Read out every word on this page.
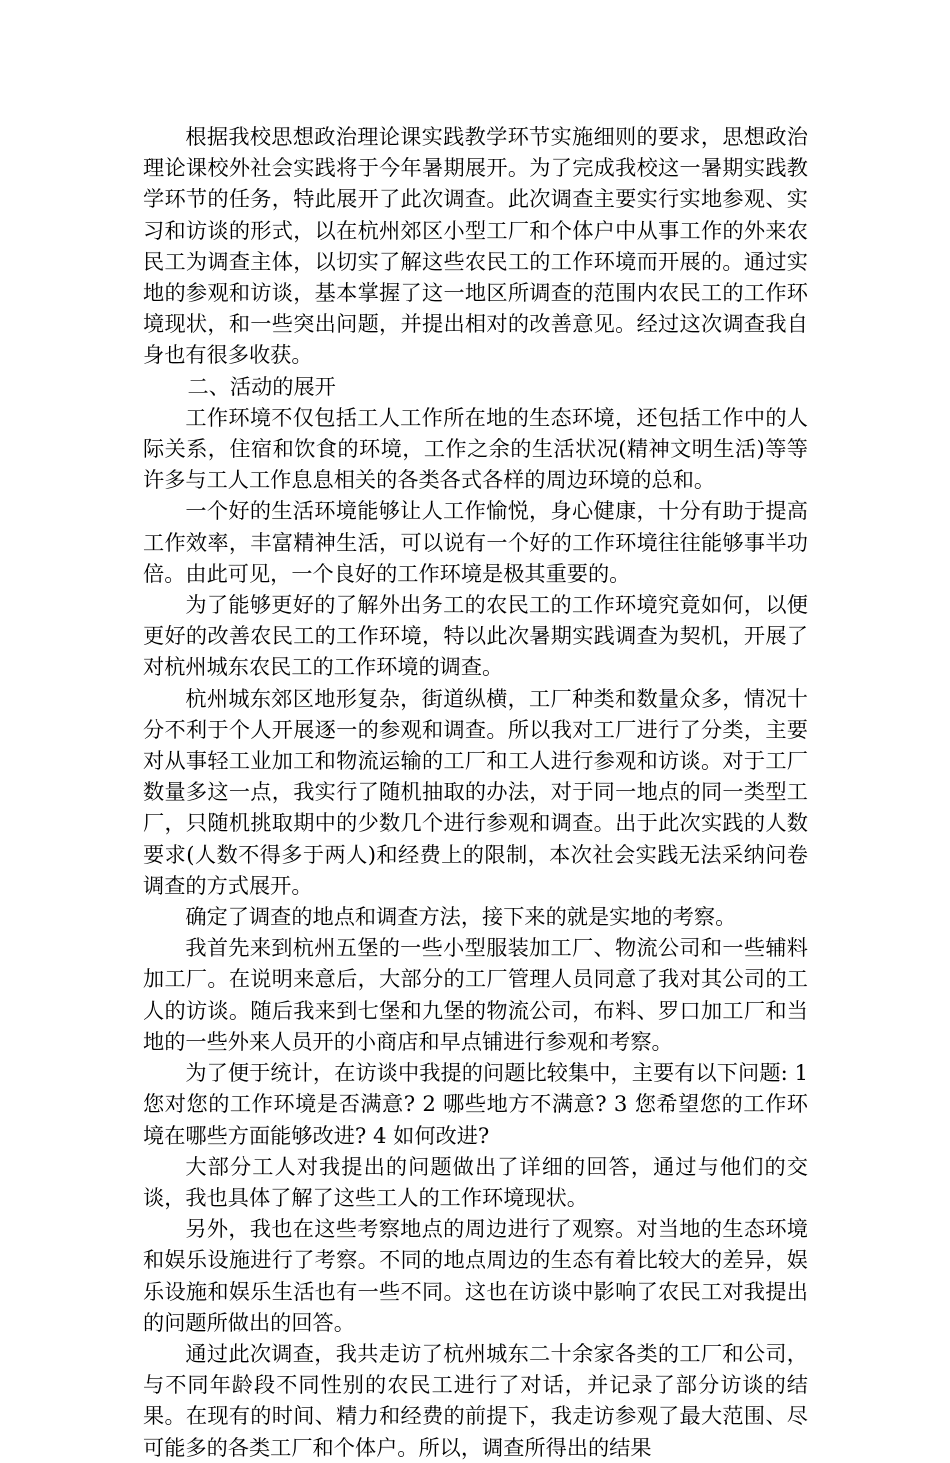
根据我校思想政治理论课实践教学环节实施细则的要求，思想政治理论课校外社会实践将于今年暑期展开。为了完成我校这一暑期实践教学环节的任务，特此展开了此次调查。此次调查主要实行实地参观、实习和访谈的形式，以在杭州郊区小型工厂和个体户中从事工作的外来农民工为调查主体，以切实了解这些农民工的工作环境而开展的。通过实地的参观和访谈，基本掌握了这一地区所调查的范围内农民工的工作环境现状，和一些突出问题，并提出相对的改善意见。经过这次调查我自身也有很多收获。

二、活动的展开

工作环境不仅包括工人工作所在地的生态环境，还包括工作中的人际关系，住宿和饮食的环境，工作之余的生活状况(精神文明生活)等等许多与工人工作息息相关的各类各式各样的周边环境的总和。

一个好的生活环境能够让人工作愉悦，身心健康，十分有助于提高工作效率，丰富精神生活，可以说有一个好的工作环境往往能够事半功倍。由此可见，一个良好的工作环境是极其重要的。

为了能够更好的了解外出务工的农民工的工作环境究竟如何，以便更好的改善农民工的工作环境，特以此次暑期实践调查为契机，开展了对杭州城东农民工的工作环境的调查。

杭州城东郊区地形复杂，街道纵横，工厂种类和数量众多，情况十分不利于个人开展逐一的参观和调查。所以我对工厂进行了分类，主要对从事轻工业加工和物流运输的工厂和工人进行参观和访谈。对于工厂数量多这一点，我实行了随机抽取的办法，对于同一地点的同一类型工厂，只随机挑取期中的少数几个进行参观和调查。出于此次实践的人数要求(人数不得多于两人)和经费上的限制，本次社会实践无法采纳问卷调查的方式展开。

确定了调查的地点和调查方法，接下来的就是实地的考察。

我首先来到杭州五堡的一些小型服装加工厂、物流公司和一些辅料加工厂。在说明来意后，大部分的工厂管理人员同意了我对其公司的工人的访谈。随后我来到七堡和九堡的物流公司，布料、罗口加工厂和当地的一些外来人员开的小商店和早点铺进行参观和考察。

为了便于统计，在访谈中我提的问题比较集中，主要有以下问题: 1 您对您的工作环境是否满意? 2 哪些地方不满意? 3 您希望您的工作环境在哪些方面能够改进? 4 如何改进?

大部分工人对我提出的问题做出了详细的回答，通过与他们的交谈，我也具体了解了这些工人的工作环境现状。

另外，我也在这些考察地点的周边进行了观察。对当地的生态环境和娱乐设施进行了考察。不同的地点周边的生态有着比较大的差异，娱乐设施和娱乐生活也有一些不同。这也在访谈中影响了农民工对我提出的问题所做出的回答。

通过此次调查，我共走访了杭州城东二十余家各类的工厂和公司，与不同年龄段不同性别的农民工进行了对话，并记录了部分访谈的结果。在现有的时间、精力和经费的前提下，我走访参观了最大范围、尽可能多的各类工厂和个体户。所以，调查所得出的结果
